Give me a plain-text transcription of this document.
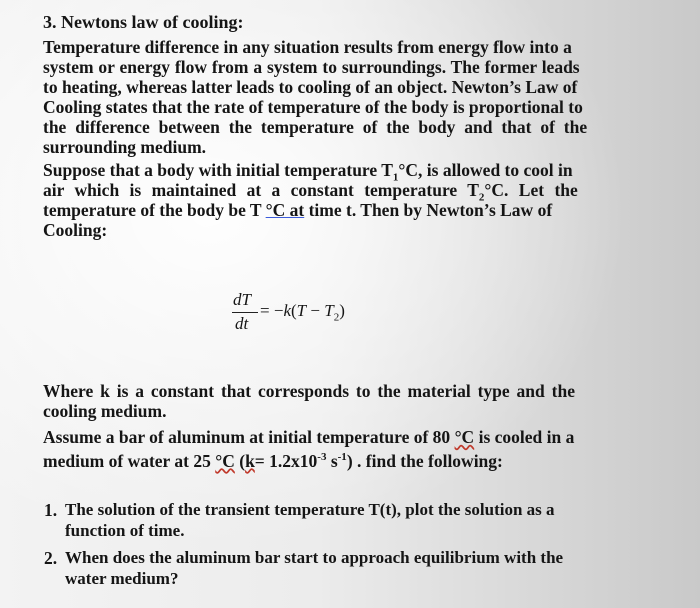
3. Newtons law of cooling:
Temperature difference in any situation results from energy flow into a
system or energy flow from a system to surroundings. The former leads
to heating, whereas latter leads to cooling of an object. Newton’s Law of
Cooling states that the rate of temperature of the body is proportional to
the difference between the temperature of the body and that of the
surrounding medium.
Suppose that a body with initial temperature $T_1^\circ C$, is allowed to cool in
air which is maintained at a constant temperature $T_2^\circ C$. Let the
temperature of the body be T °C at time t. Then by Newton’s Law of
Cooling:
dT
dt
= $-k(T - T_2)$
Where k is a constant that corresponds to the material type and the
cooling medium.
Assume a bar of aluminum at initial temperature of 80 °C is cooled in a
medium of water at 25 °C ($k= 1.2x10^{-3}$ $s^{-1}$) . find the following:
1. The solution of the transient temperature T(t), plot the solution as a
function of time.
2. When does the aluminum bar start to approach equilibrium with the
water medium?
